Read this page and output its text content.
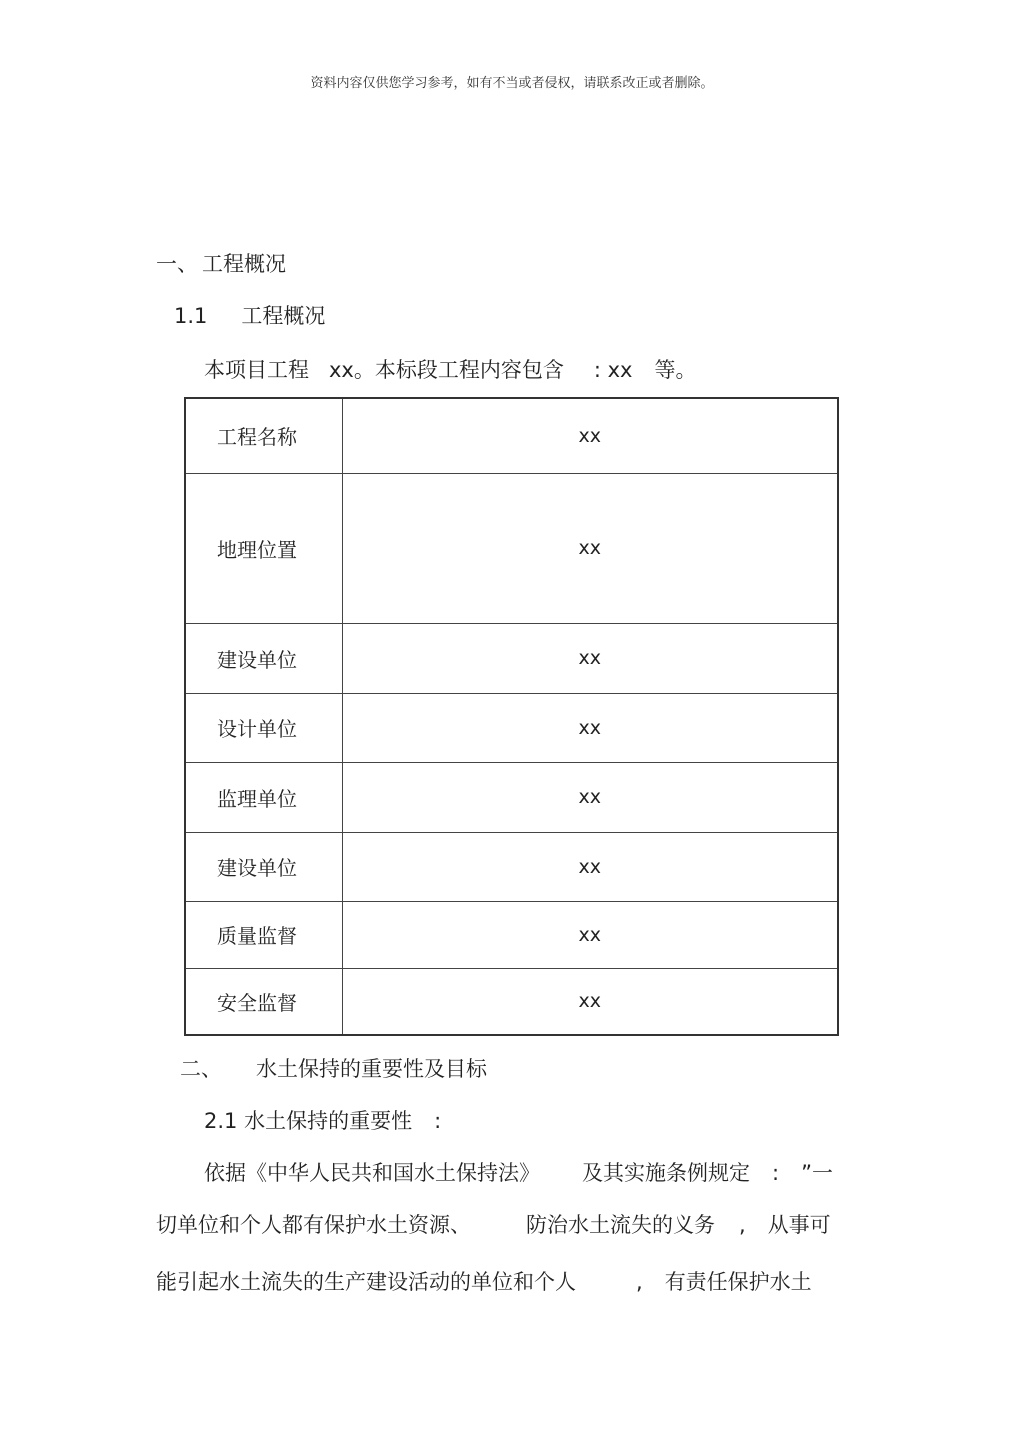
资料内容仅供您学习参考，如有不当或者侵权，请联系改正或者删除。
一、 工程概况
1.1 工程概况
本项目工程 xx。本标段工程内容包含 : xx 等。
工程名称	xx
地理位置	xx
建设单位	xx
设计单位	xx
监理单位	xx
建设单位	xx
质量监督	xx
安全监督	xx
二、 水土保持的重要性及目标
2.1 水土保持的重要性 :
依据《中华人民共和国水土保持法》 及其实施条例规定 : ”一
切单位和个人都有保护水土资源、	防治水土流失的义务 , 从事可
能引起水土流失的生产建设活动的单位和个人	, 有责任保护水土
